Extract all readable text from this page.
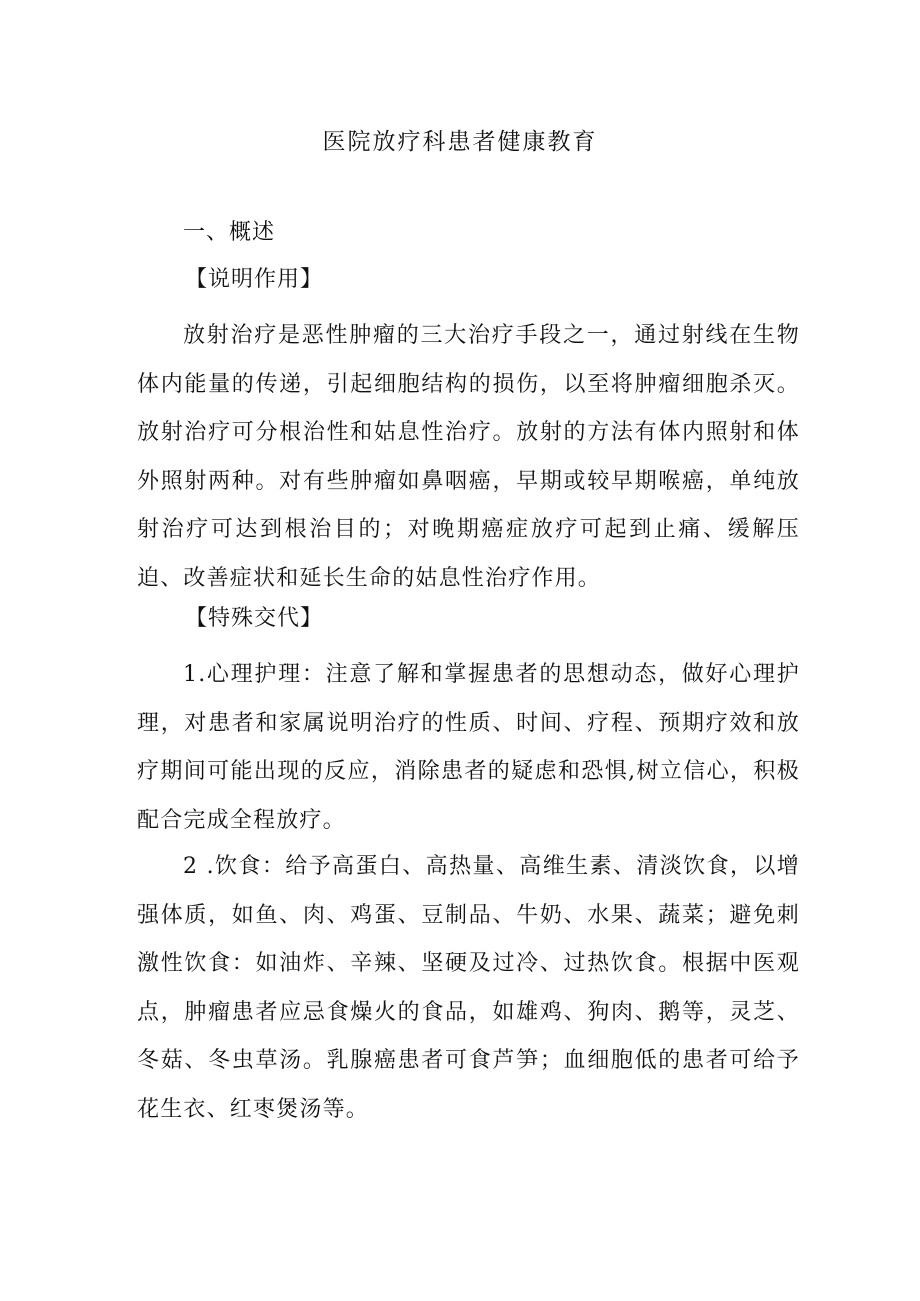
医院放疗科患者健康教育
一、概述

【说明作用】

放射治疗是恶性肿瘤的三大治疗手段之一，通过射线在生物体内能量的传递，引起细胞结构的损伤，以至将肿瘤细胞杀灭。放射治疗可分根治性和姑息性治疗。放射的方法有体内照射和体外照射两种。对有些肿瘤如鼻咽癌，早期或较早期喉癌，单纯放射治疗可达到根治目的；对晚期癌症放疗可起到止痛、缓解压迫、改善症状和延长生命的姑息性治疗作用。

【特殊交代】

1.心理护理：注意了解和掌握患者的思想动态，做好心理护理，对患者和家属说明治疗的性质、时间、疗程、预期疗效和放疗期间可能出现的反应，消除患者的疑虑和恐惧,树立信心，积极配合完成全程放疗。

2 .饮食：给予高蛋白、高热量、高维生素、清淡饮食，以增强体质，如鱼、肉、鸡蛋、豆制品、牛奶、水果、蔬菜；避免刺激性饮食：如油炸、辛辣、坚硬及过冷、过热饮食。根据中医观点，肿瘤患者应忌食燥火的食品，如雄鸡、狗肉、鹅等，灵芝、冬菇、冬虫草汤。乳腺癌患者可食芦笋；血细胞低的患者可给予花生衣、红枣煲汤等。
